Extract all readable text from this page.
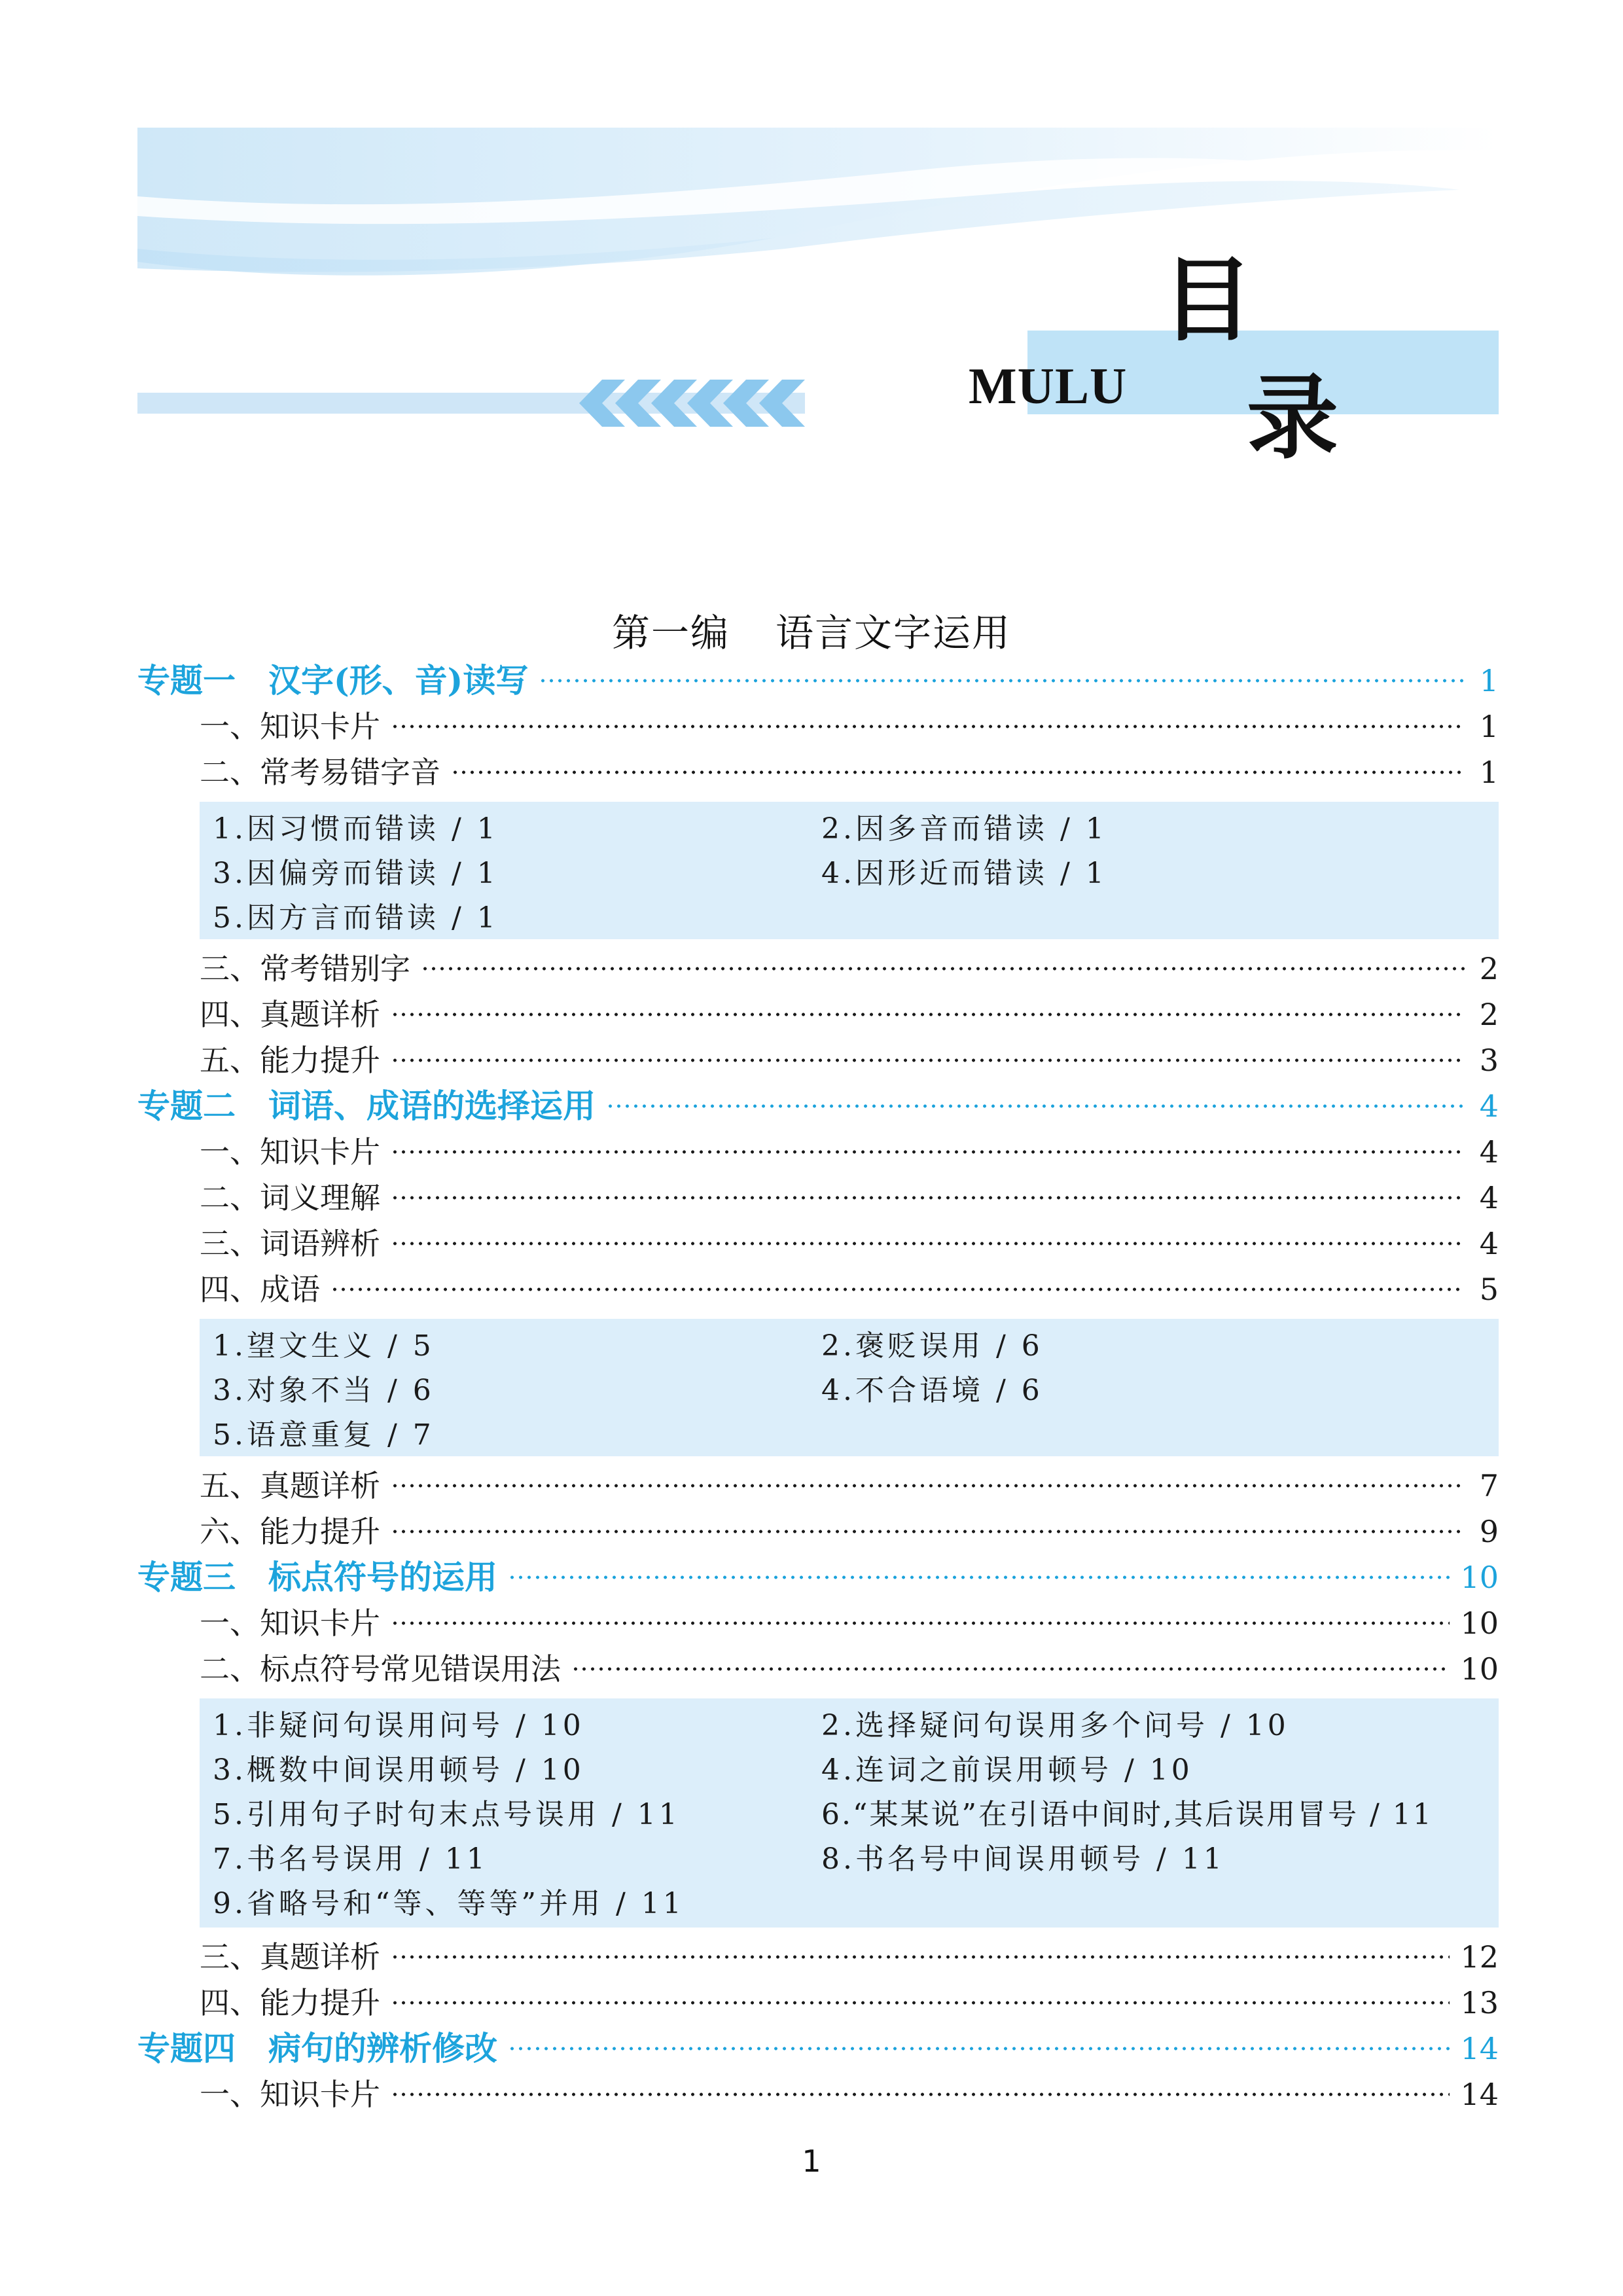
MULU
目
录
第一编 语言文字运用
专题一　汉字(形、音)读写	1
一、知识卡片	1
二、常考易错字音	1
1.因习惯而错读 / 1	2.因多音而错读 / 1
3.因偏旁而错读 / 1	4.因形近而错读 / 1
5.因方言而错读 / 1
三、常考错别字	2
四、真题详析	2
五、能力提升	3
专题二　词语、成语的选择运用	4
一、知识卡片	4
二、词义理解	4
三、词语辨析	4
四、成语	5
1.望文生义 / 5	2.褒贬误用 / 6
3.对象不当 / 6	4.不合语境 / 6
5.语意重复 / 7
五、真题详析	7
六、能力提升	9
专题三　标点符号的运用	10
一、知识卡片	10
二、标点符号常见错误用法	10
1.非疑问句误用问号 / 10	2.选择疑问句误用多个问号 / 10
3.概数中间误用顿号 / 10	4.连词之前误用顿号 / 10
5.引用句子时句末点号误用 / 11	6.“某某说”在引语中间时,其后误用冒号 / 11
7.书名号误用 / 11	8.书名号中间误用顿号 / 11
9.省略号和“等、等等”并用 / 11
三、真题详析	12
四、能力提升	13
专题四　病句的辨析修改	14
一、知识卡片	14
1
